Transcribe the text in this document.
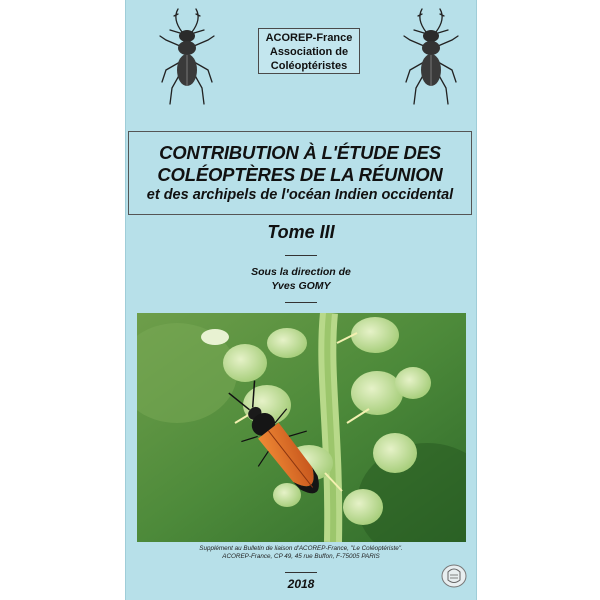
ACOREP-France
Association de
Coléoptéristes
CONTRIBUTION À L'ÉTUDE DES
COLÉOPTÈRES DE LA RÉUNION
et des archipels de l'océan Indien occidental
Tome III
Sous la direction de
Yves GOMY
Supplément au Bulletin de liaison d'ACOREP-France, "Le Coléoptériste".
ACOREP-France, CP 49, 45 rue Buffon, F-75005 PARIS
2018
